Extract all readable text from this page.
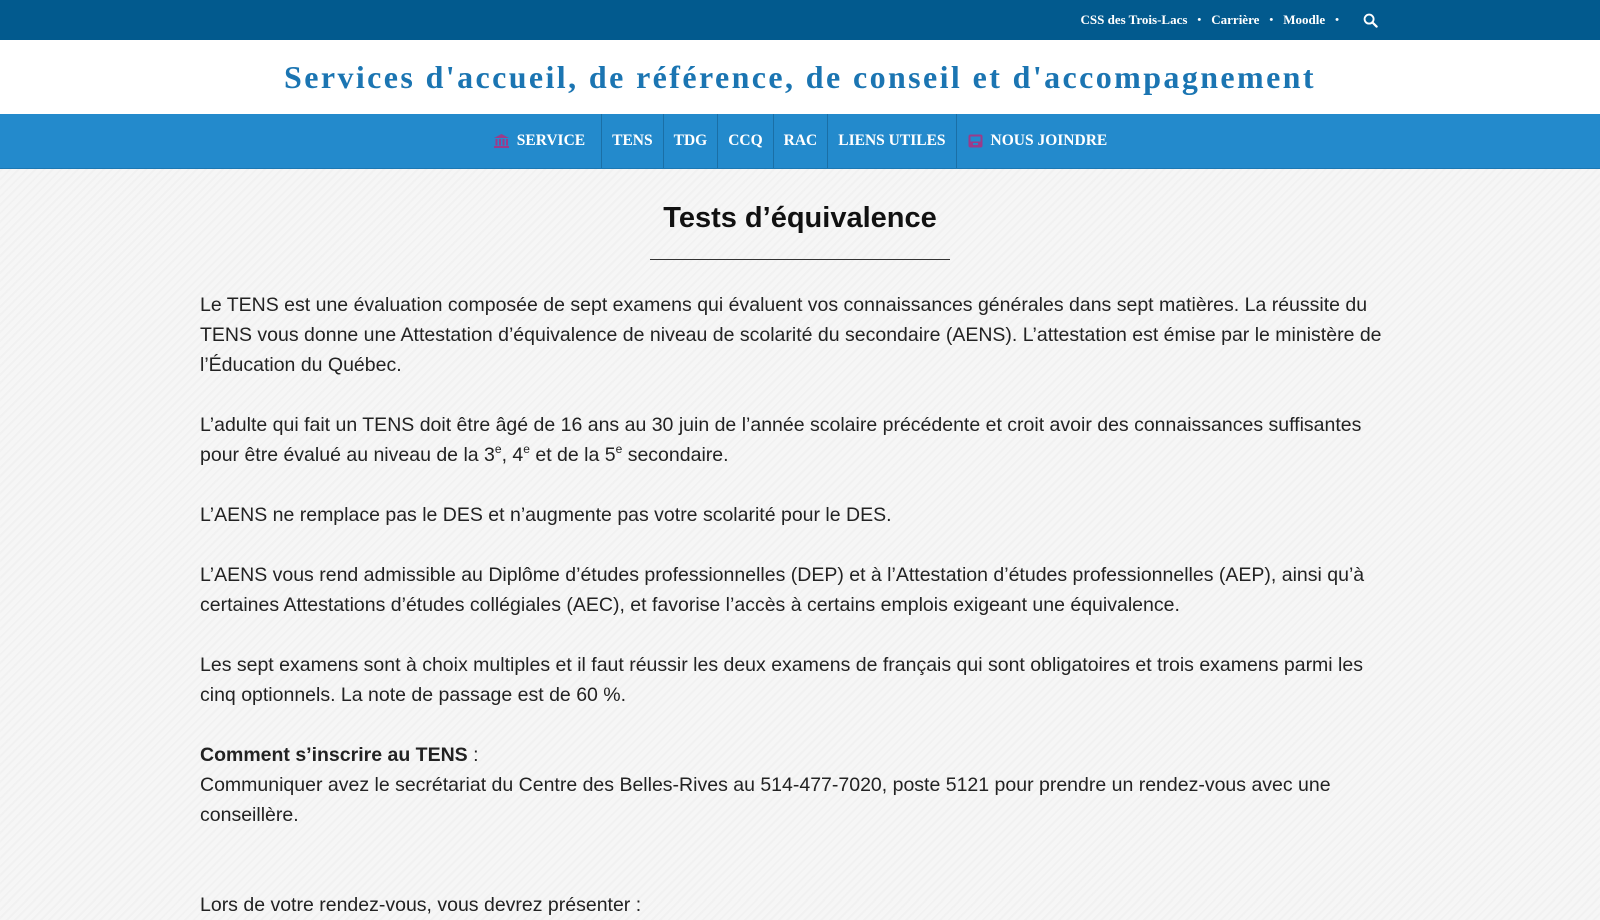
CSS des Trois-Lacs • Carrière • Moodle •
Services d'accueil, de référence, de conseil et d'accompagnement
SERVICE TENS TDG CCQ RAC LIENS UTILES	NOUS JOINDRE
Tests d’équivalence

Le TENS est une évaluation composée de sept examens qui évaluent vos connaissances générales dans sept matières. La réussite du TENS vous donne une Attestation d’équivalence de niveau de scolarité du secondaire (AENS). L’attestation est émise par le ministère de l’Éducation du Québec.

L’adulte qui fait un TENS doit être âgé de 16 ans au 30 juin de l’année scolaire précédente et croit avoir des connaissances suffisantes pour être évalué au niveau de la 3e, 4e et de la 5e secondaire.

L’AENS ne remplace pas le DES et n’augmente pas votre scolarité pour le DES.

L’AENS vous rend admissible au Diplôme d’études professionnelles (DEP) et à l’Attestation d’études professionnelles (AEP), ainsi qu’à certaines Attestations d’études collégiales (AEC), et favorise l’accès à certains emplois exigeant une équivalence.

Les sept examens sont à choix multiples et il faut réussir les deux examens de français qui sont obligatoires et trois examens parmi les cinq optionnels. La note de passage est de 60 %.

Comment s’inscrire au TENS :

Communiquer avez le secrétariat du Centre des Belles-Rives au 514-477-7020, poste 5121 pour prendre un rendez-vous avec une conseillère.

Lors de votre rendez-vous, vous devrez présenter :
